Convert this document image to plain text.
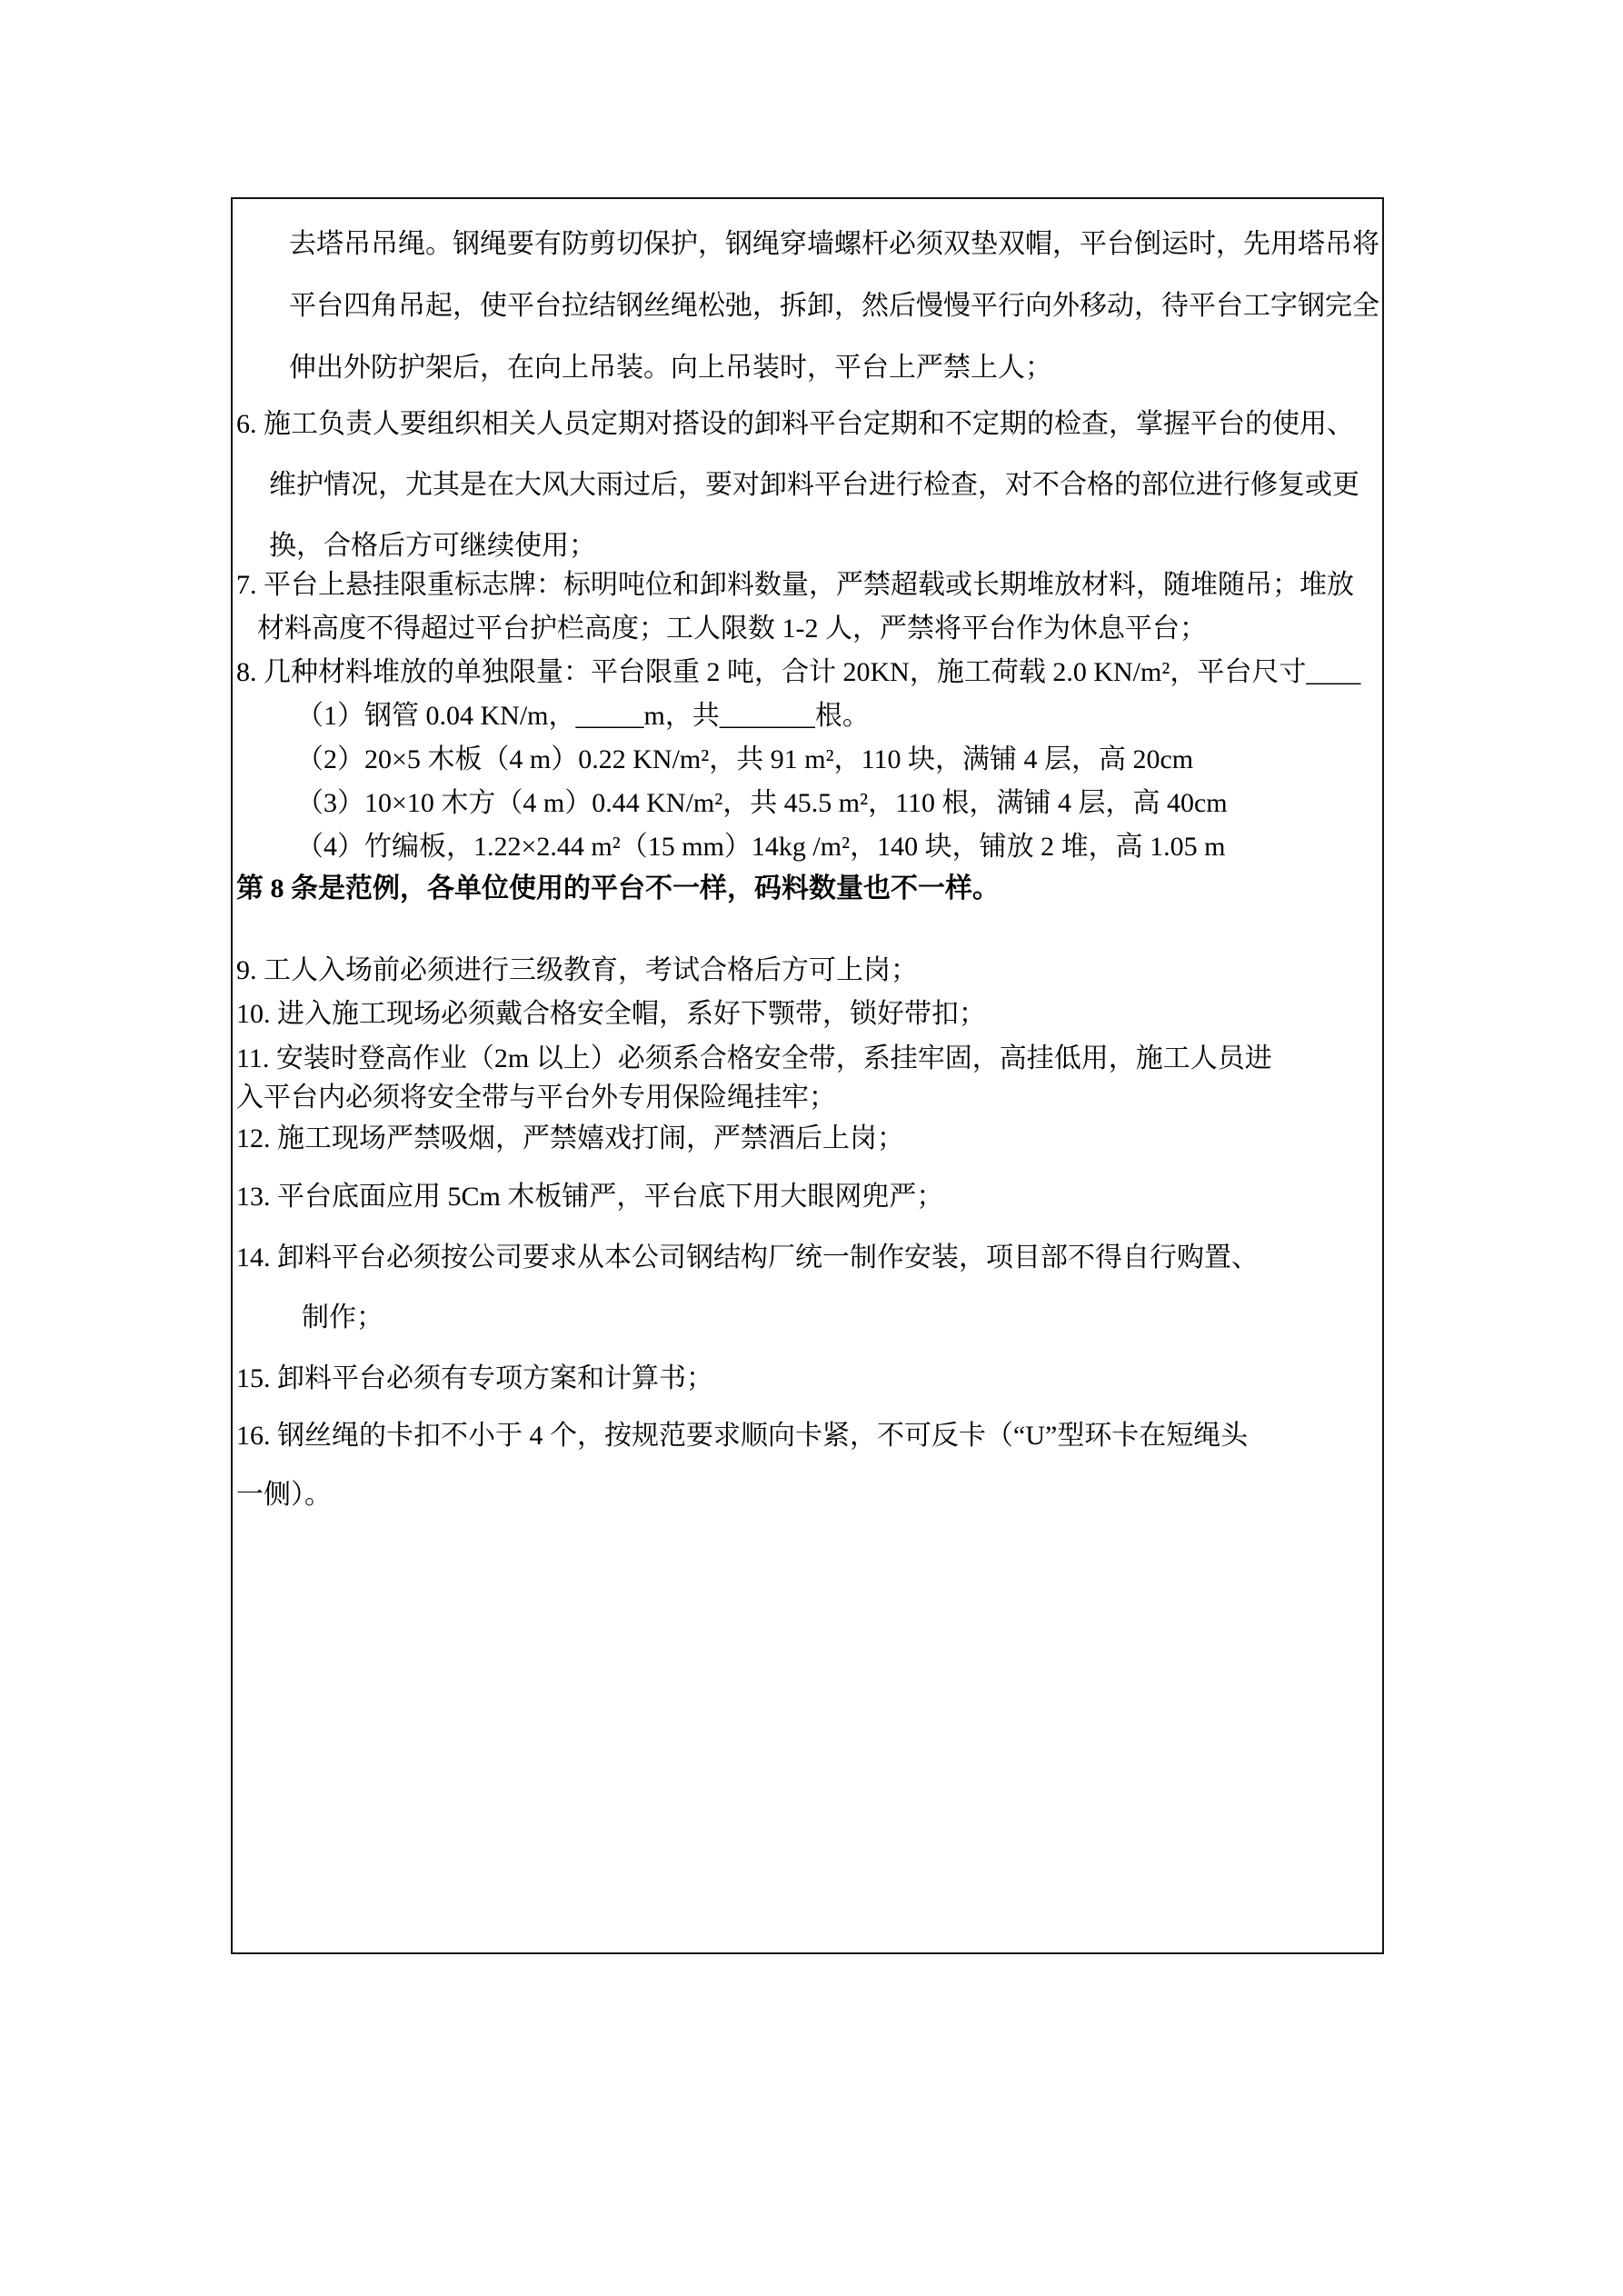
去塔吊吊绳。钢绳要有防剪切保护，钢绳穿墙螺杆必须双垫双帽，平台倒运时，先用塔吊将
平台四角吊起，使平台拉结钢丝绳松弛，拆卸，然后慢慢平行向外移动，待平台工字钢完全
伸出外防护架后，在向上吊装。向上吊装时，平台上严禁上人；
6. 施工负责人要组织相关人员定期对搭设的卸料平台定期和不定期的检查，掌握平台的使用、
维护情况，尤其是在大风大雨过后，要对卸料平台进行检查，对不合格的部位进行修复或更
换，合格后方可继续使用；
7. 平台上悬挂限重标志牌：标明吨位和卸料数量，严禁超载或长期堆放材料，随堆随吊；堆放
材料高度不得超过平台护栏高度；工人限数 1-2 人，严禁将平台作为休息平台；
8. 几种材料堆放的单独限量：平台限重 2 吨，合计 20KN，施工荷载 2.0 KN/m²，平台尺寸____
（1）钢管 0.04 KN/m，_____m，共_______根。
（2）20×5 木板（4 m）0.22 KN/m²，共 91 m²，110 块，满铺 4 层，高 20cm
（3）10×10 木方（4 m）0.44 KN/m²，共 45.5 m²，110 根，满铺 4 层，高 40cm
（4）竹编板，1.22×2.44 m²（15 mm）14kg /m²，140 块，铺放 2 堆，高 1.05 m
第 8 条是范例，各单位使用的平台不一样，码料数量也不一样。
9. 工人入场前必须进行三级教育，考试合格后方可上岗；
10. 进入施工现场必须戴合格安全帽，系好下颚带，锁好带扣；
11. 安装时登高作业（2m 以上）必须系合格安全带，系挂牢固，高挂低用，施工人员进
入平台内必须将安全带与平台外专用保险绳挂牢；
12. 施工现场严禁吸烟，严禁嬉戏打闹，严禁酒后上岗；
13. 平台底面应用 5Cm 木板铺严，平台底下用大眼网兜严；
14. 卸料平台必须按公司要求从本公司钢结构厂统一制作安装，项目部不得自行购置、
制作；
15. 卸料平台必须有专项方案和计算书；
16. 钢丝绳的卡扣不小于 4 个，按规范要求顺向卡紧，不可反卡（“U”型环卡在短绳头
一侧）。
